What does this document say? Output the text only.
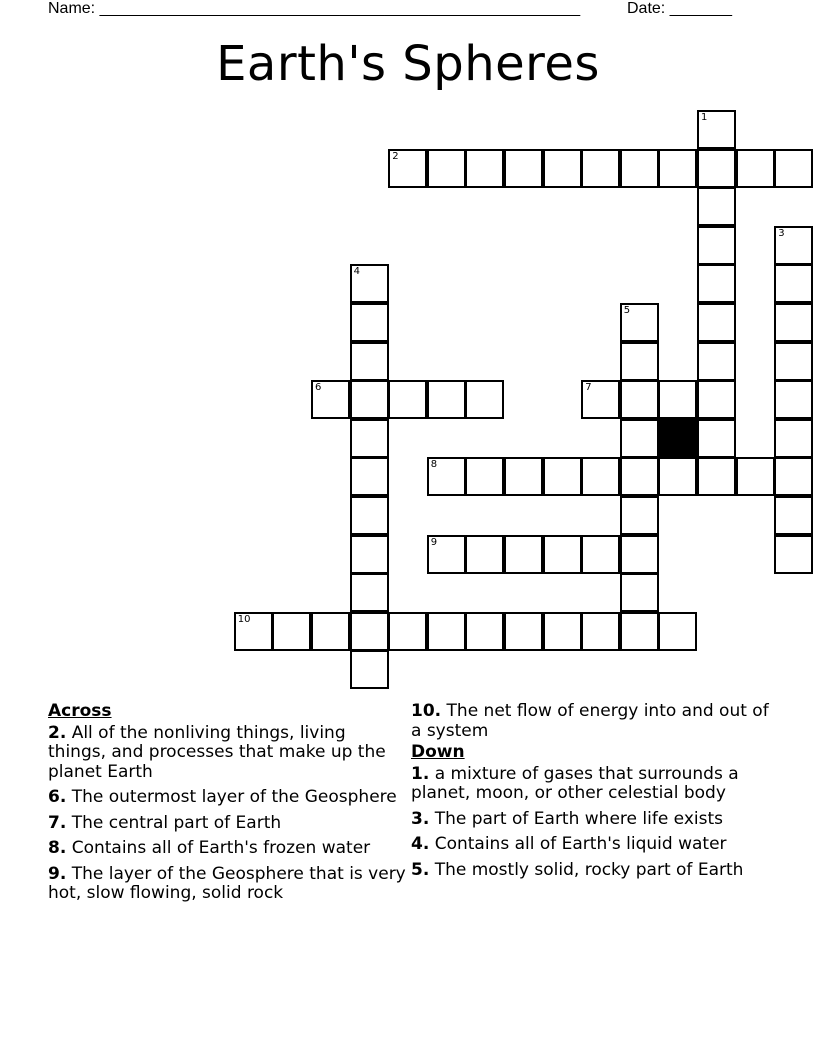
Name: ______________________________________________________	Date: _______
Earth's Spheres
2
6	7
8
9
10
1
3
4
5
Across
2. All of the nonliving things, living things, and processes that make up the planet Earth
6. The outermost layer of the Geosphere
7. The central part of Earth
8. Contains all of Earth's frozen water
9. The layer of the Geosphere that is very hot, slow flowing, solid rock
10. The net flow of energy into and out of a system
Down
1. a mixture of gases that surrounds a planet, moon, or other celestial body
3. The part of Earth where life exists
4. Contains all of Earth's liquid water
5. The mostly solid, rocky part of Earth
